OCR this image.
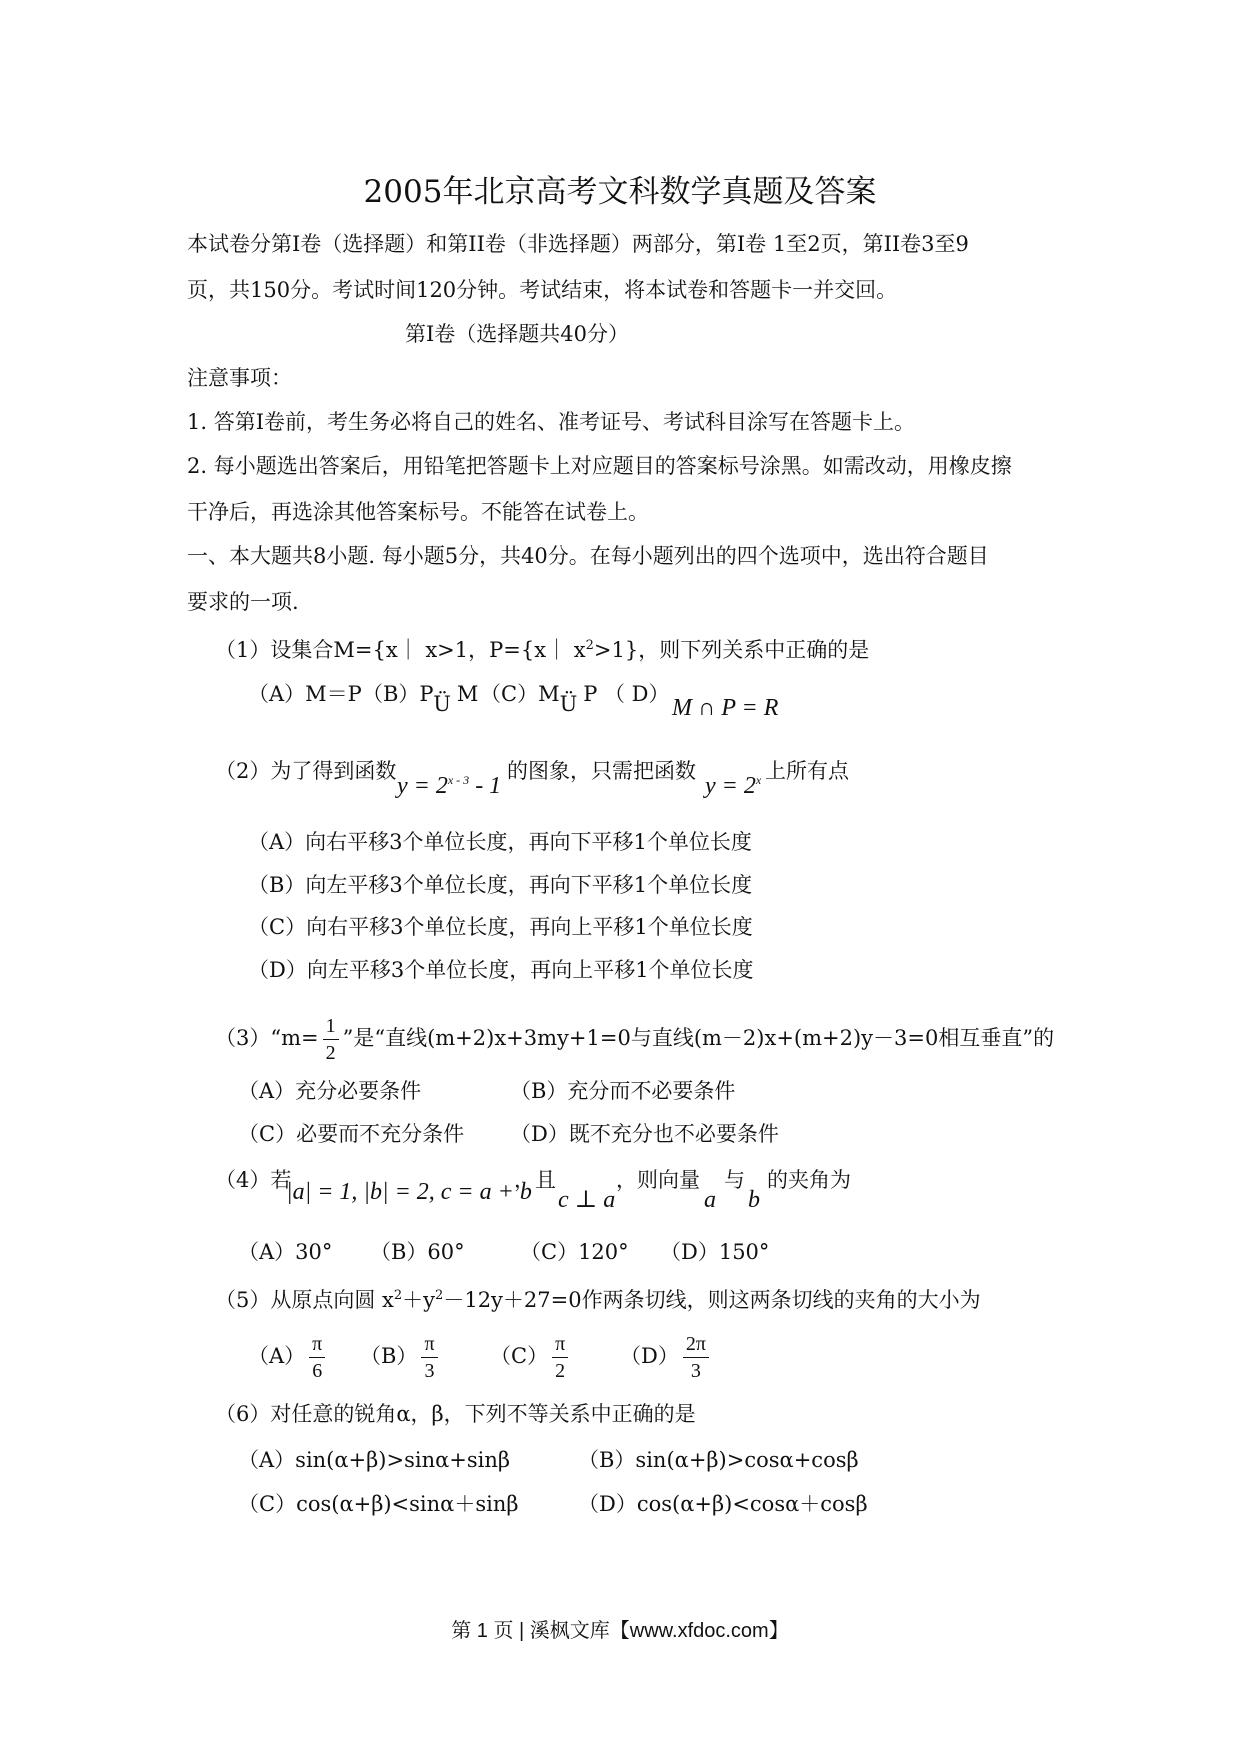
2005年北京高考文科数学真题及答案
本试卷分第I卷（选择题）和第II卷（非选择题）两部分，第I卷 1至2页，第II卷3至9
页，共150分。考试时间120分钟。考试结束，将本试卷和答题卡一并交回。
第I卷（选择题共40分）
注意事项：
1. 答第I卷前，考生务必将自己的姓名、准考证号、考试科目涂写在答题卡上。
2. 每小题选出答案后，用铅笔把答题卡上对应题目的答案标号涂黑。如需改动，用橡皮擦
干净后，再选涂其他答案标号。不能答在试卷上。
一、本大题共8小题. 每小题5分，共40分。在每小题列出的四个选项中，选出符合题目
要求的一项.
（1）设集合M={x｜ x>1，P={x｜ $x^2>1$}，则下列关系中正确的是
（A）M＝P （B）PÜ M （C）MÜ P （ D）
M ∩ P = R
（2）为了得到函数
$y = 2^{x - 3} - 1$
的图象，只需把函数
$y = 2^x$ 上所有点
（A）向右平移3个单位长度，再向下平移1个单位长度
（B）向左平移3个单位长度，再向下平移1个单位长度
（C）向右平移3个单位长度，再向上平移1个单位长度
（D）向左平移3个单位长度，再向上平移1个单位长度
（3）“m= $\frac{1}{2}$ ”是“直线(m+2)x+3my+1=0与直线(m－2)x+(m+2)y－3=0相互垂直”的
（A）充分必要条件	（B）充分而不必要条件
（C）必要而不充分条件 （D）既不充分也不必要条件
（4）若
|a| = 1, |b| = 2, c = a + b
，且
c ⊥ a
，则向量
a
与
b
的夹角为
（A）30° （B）60°	（C）120° （D）150°
（5）从原点向圆 $x^2+y^2-12y+27=0$作两条切线，则这两条切线的夹角的大小为
$(A) \frac{\pi}{6} (B) \frac{\pi}{3} (C) \frac{\pi}{2} (D) \frac{2\pi}{3}$
（6）对任意的锐角α，β，下列不等关系中正确的是
（A）sin(α+β)>sinα+sinβ	（B）sin(α+β)>cosα+cosβ
（C）cos(α+β)<sinα＋sinβ	（D）cos(α+β)<cosα＋cosβ
第 1 页 | 溪枫文库【www.xfdoc.com】
